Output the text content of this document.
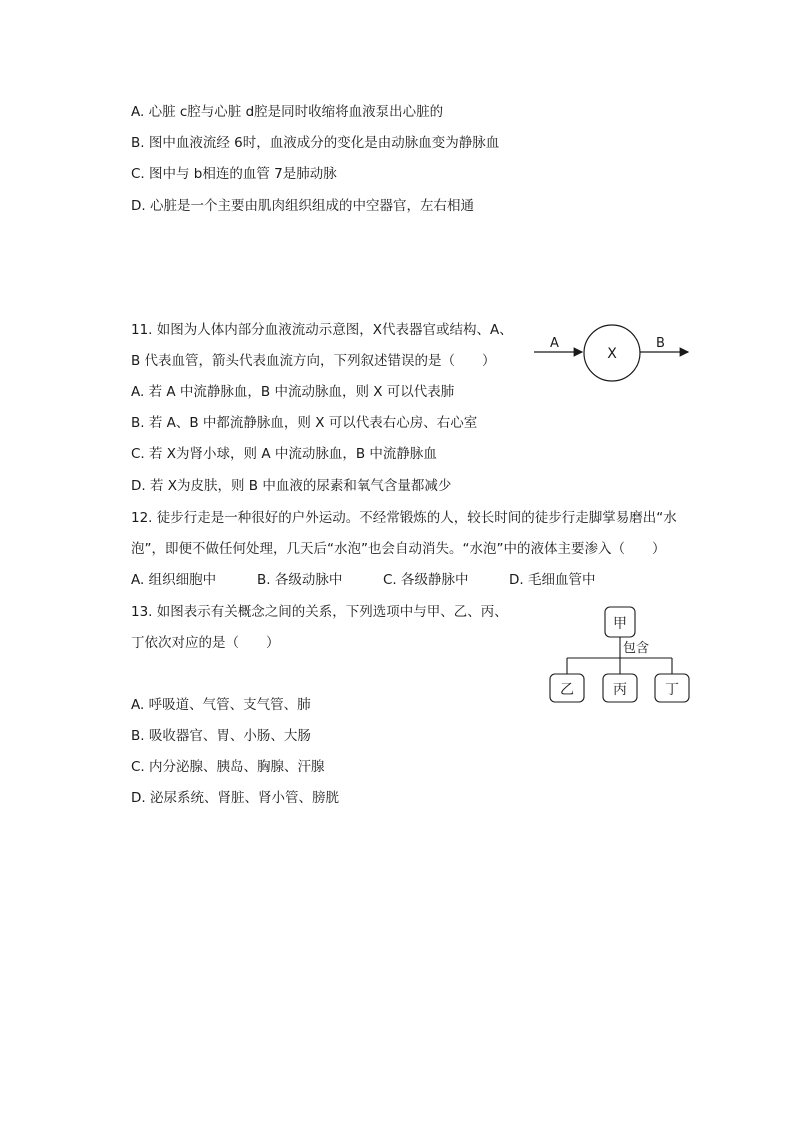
A. 心脏 c腔与心脏 d腔是同时收缩将血液泵出心脏的
B. 图中血液流经 6时，血液成分的变化是由动脉血变为静脉血
C. 图中与 b相连的血管 7是肺动脉
D. 心脏是一个主要由肌肉组织组成的中空器官，左右相通
11. 如图为人体内部分血液流动示意图，X代表器官或结构、A、
B 代表血管，箭头代表血流方向，下列叙述错误的是（　　）
A. 若 A 中流静脉血，B 中流动脉血，则 X 可以代表肺
B. 若 A、B 中都流静脉血，则 X 可以代表右心房、右心室
C. 若 X为肾小球，则 A 中流动脉血，B 中流静脉血
D. 若 X为皮肤，则 B 中血液的尿素和氧气含量都减少
A
X
B
12. 徒步行走是一种很好的户外运动。不经常锻炼的人，较长时间的徒步行走脚掌易磨出“水
泡”，即便不做任何处理，几天后“水泡”也会自动消失。“水泡”中的液体主要渗入（　　）
A. 组织细胞中	B. 各级动脉中	C. 各级静脉中	D. 毛细血管中
13. 如图表示有关概念之间的关系，下列选项中与甲、乙、丙、
丁依次对应的是（　　）
A. 呼吸道、气管、支气管、肺
B. 吸收器官、胃、小肠、大肠
C. 内分泌腺、胰岛、胸腺、汗腺
D. 泌尿系统、肾脏、肾小管、膀胱
甲
包含
乙	丙	丁
